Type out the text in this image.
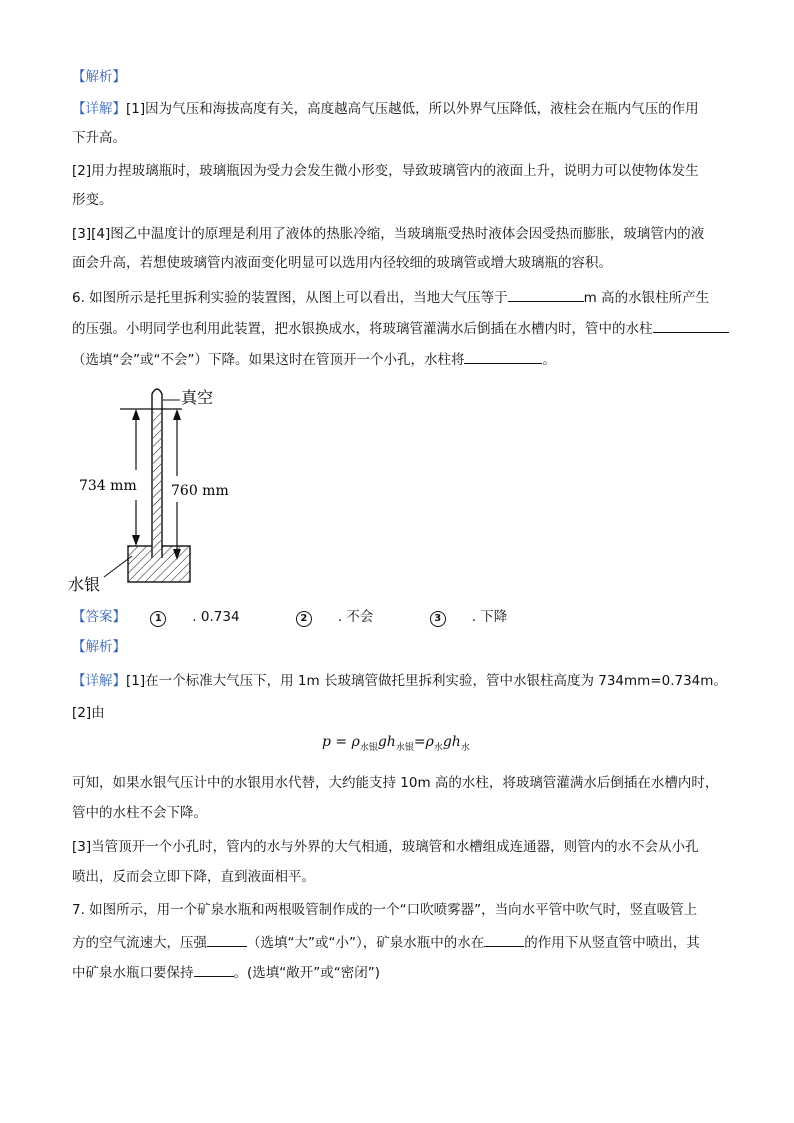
【解析】
【详解】[1]因为气压和海拔高度有关，高度越高气压越低，所以外界气压降低，液柱会在瓶内气压的作用
下升高。
[2]用力捏玻璃瓶时，玻璃瓶因为受力会发生微小形变，导致玻璃管内的液面上升，说明力可以使物体发生
形变。
[3][4]图乙中温度计的原理是利用了液体的热胀冷缩，当玻璃瓶受热时液体会因受热而膨胀，玻璃管内的液
面会升高，若想使玻璃管内液面变化明显可以选用内径较细的玻璃管或增大玻璃瓶的容积。
6. 如图所示是托里拆利实验的装置图，从图上可以看出，当地大气压等于	m 高的水银柱所产生
的压强。小明同学也利用此装置，把水银换成水，将玻璃管灌满水后倒插在水槽内时，管中的水柱
（选填“会”或“不会”）下降。如果这时在管顶开一个小孔，水柱将	。
真空
734 mm 760 mm
水银
【答案】	1 . 0.734	2 . 不会	3 . 下降
【解析】
【详解】[1]在一个标准大气压下，用 1m 长玻璃管做托里拆利实验，管中水银柱高度为 734mm=0.734m。
[2]由
$p = \rho_{水银}gh_{水银}=\rho_水gh_水$
可知，如果水银气压计中的水银用水代替，大约能支持 10m 高的水柱，将玻璃管灌满水后倒插在水槽内时，
管中的水柱不会下降。
[3]当管顶开一个小孔时，管内的水与外界的大气相通，玻璃管和水槽组成连通器，则管内的水不会从小孔
喷出，反而会立即下降，直到液面相平。
7. 如图所示，用一个矿泉水瓶和两根吸管制作成的一个“口吹喷雾器”，当向水平管中吹气时，竖直吸管上
方的空气流速大，压强	（选填“大”或“小”），矿泉水瓶中的水在	的作用下从竖直管中喷出，其
中矿泉水瓶口要保持	。(选填“敞开”或“密闭”)
